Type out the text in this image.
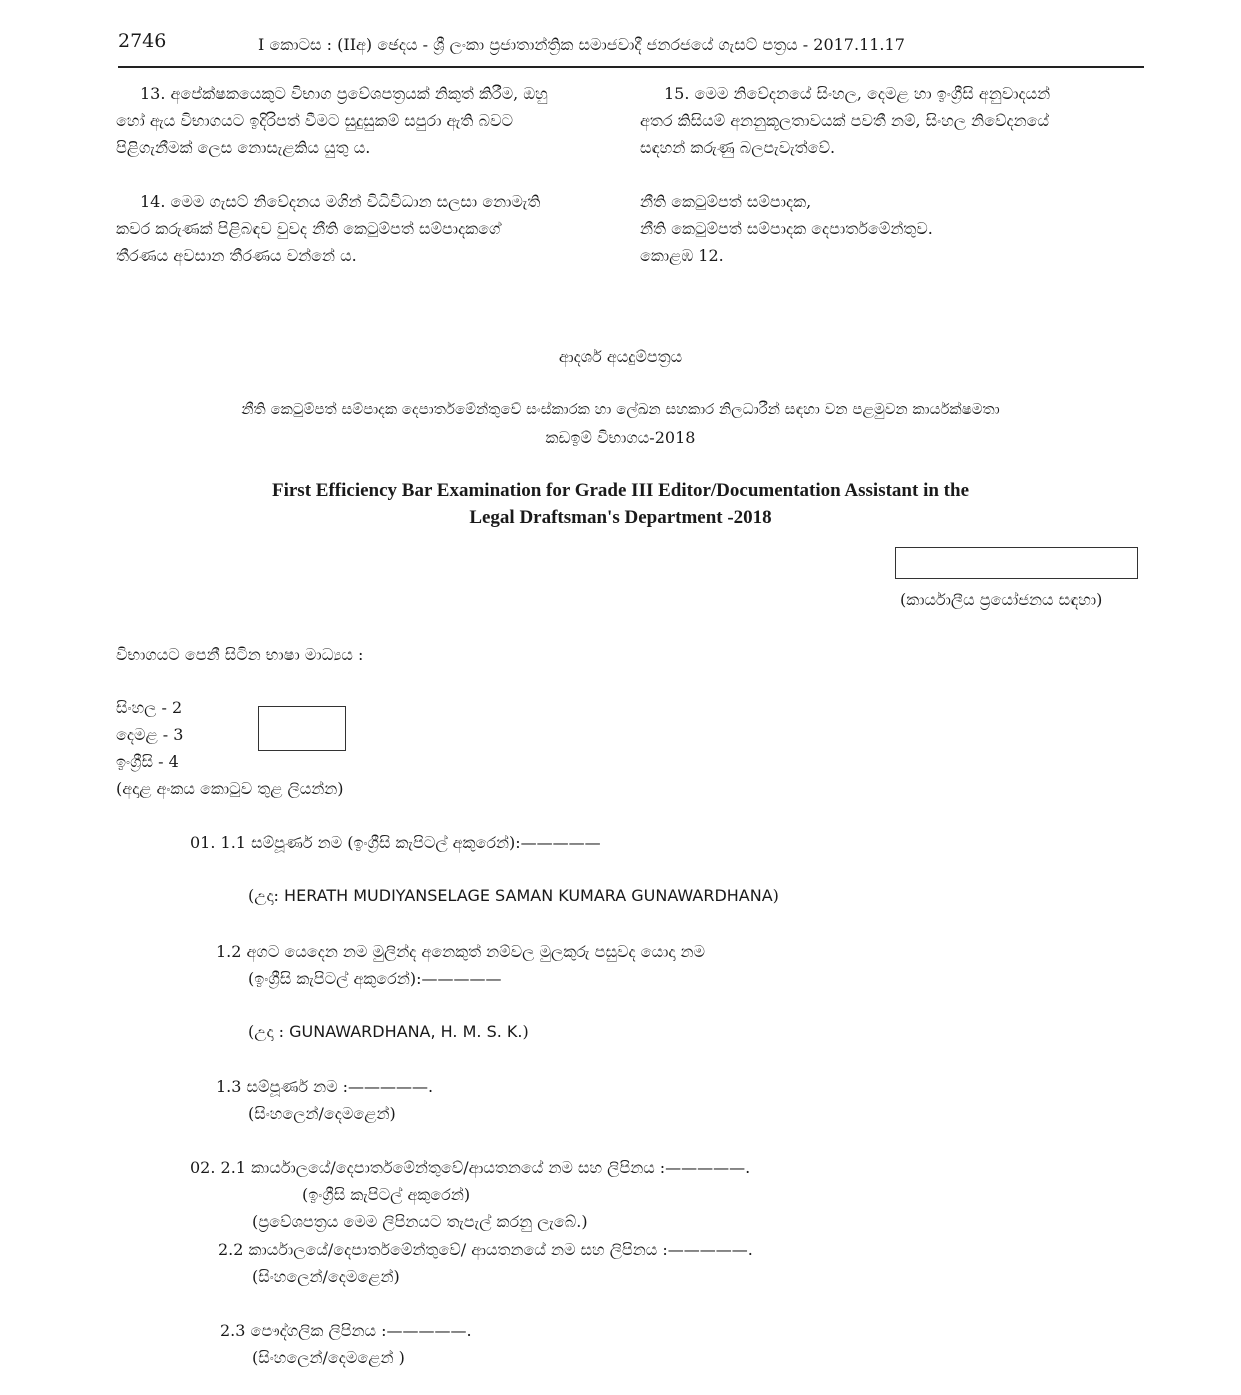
2746	I කොටස : (IIඅ) ඡෙදය - ශ්‍රී ලංකා ප්‍රජාතාන්ත්‍රික සමාජවාදී ජනරජයේ ගැසට් පත්‍රය - 2017.11.17
13. අපේක්ෂකයෙකුට විභාග ප්‍රවේශපත්‍රයක් නිකුත් කිරීම, ඔහු
හෝ ඇය විභාගයට ඉදිරිපත් වීමට සුදුසුකම් සපුරා ඇති බවට
පිළිගැනීමක් ලෙස නොසැළකිය යුතු ය.
14. මෙම ගැසට් නිවේදනය මගින් විධිවිධාන සලසා නොමැති
කවර කරුණක් පිළිබඳව වුවද නීති කෙටුම්පත් සම්පාදකගේ
තීරණය අවසාන තීරණය වන්නේ ය.
15. මෙම නිවේදනයේ සිංහල, දෙමළ හා ඉංග්‍රීසි අනුවාදයන්
අතර කිසියම් අනනුකූලතාවයක් පවතී නම්, සිංහල නිවේදනයේ
සඳහන් කරුණු බලපැවැත්වේ.
නීති කෙටුම්පත් සම්පාදක,
නීති කෙටුම්පත් සම්පාදක දෙපාර්තමේන්තුව.
කොළඹ 12.
ආදර්ශ අයදුම්පත්‍රය
නීති කෙටුම්පත් සම්පාදක දෙපාර්තමේන්තුවේ සංස්කාරක හා ලේඛන සහකාර නිලධාරීන් සඳහා වන පළමුවන කාර්යක්ෂමතා
කඩඉම් විභාගය-2018
First Efficiency Bar Examination for Grade III Editor/Documentation Assistant in the
Legal Draftsman's Department -2018
(කාර්යාලීය ප්‍රයෝජනය සඳහා)
විභාගයට පෙනී සිටින භාෂා මාධ්‍යය :
සිංහල - 2
දෙමළ - 3
ඉංග්‍රීසි - 4
(අදාළ අංකය කොටුව තුළ ලියන්න)
01. 1.1 සම්පූර්ණ නම (ඉංග්‍රීසි කැපිටල් අකුරෙන්):—————
(උදා: HERATH MUDIYANSELAGE SAMAN KUMARA GUNAWARDHANA)
1.2 අගට යෙදෙන නම මුලින්ද අනෙකුත් නම්වල මුලකුරු පසුවද යොදා නම
(ඉංග්‍රීසි කැපිටල් අකුරෙන්):—————
(උදා : GUNAWARDHANA, H. M. S. K.)
1.3 සම්පූර්ණ නම :—————.
(සිංහලෙන්/දෙමළෙන්)
02. 2.1 කාර්යාලයේ/දෙපාර්තමේන්තුවේ/ආයතනයේ නම සහ ලිපිනය :—————.
(ඉංග්‍රීසි කැපිටල් අකුරෙන්)
(ප්‍රවේශපත්‍රය මෙම ලිපිනයට තැපැල් කරනු ලැබේ.)
2.2 කාර්යාලයේ/දෙපාර්තමේන්තුවේ/ ආයතනයේ නම සහ ලිපිනය :—————.
(සිංහලෙන්/දෙමළෙන්)
2.3 පෞද්ගලික ලිපිනය :—————.
(සිංහලෙන්/දෙමළෙන් )
